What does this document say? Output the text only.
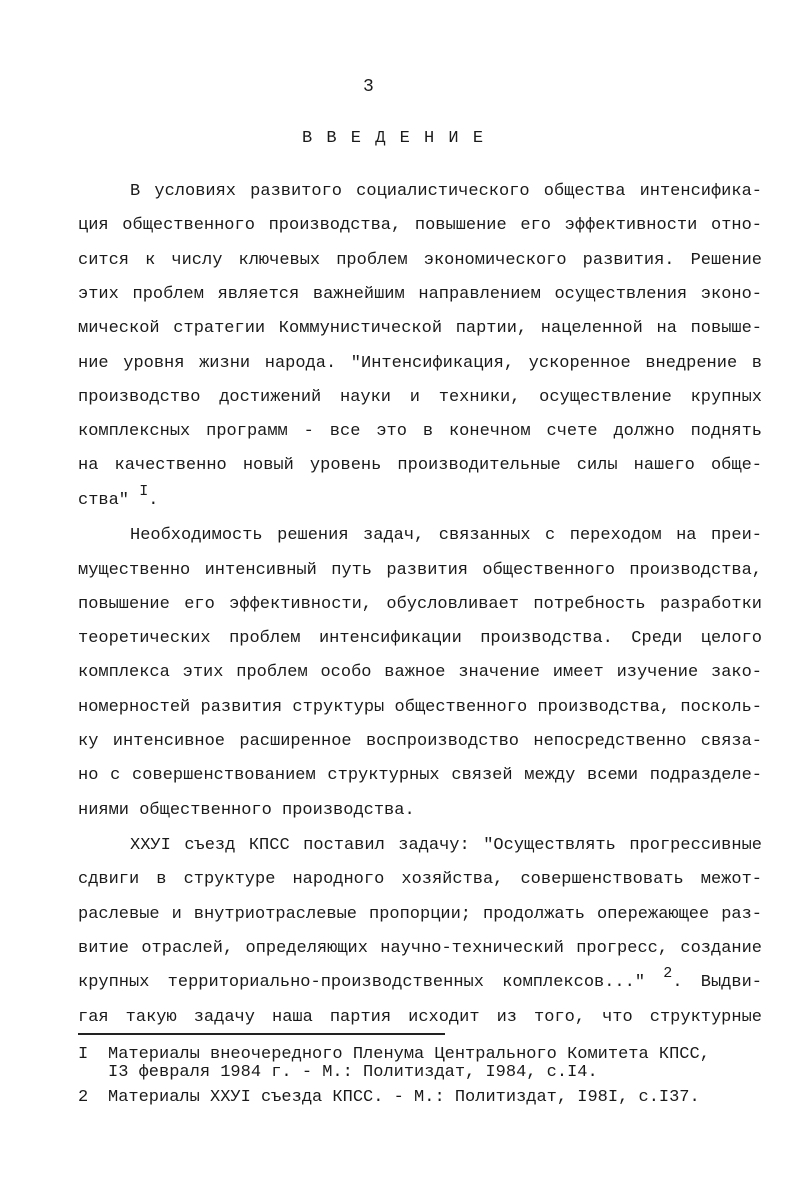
3
В В Е Д Е Н И Е
В условиях развитого социалистического общества интенсифика-
ция общественного производства, повышение его эффективности отно-
сится к числу ключевых проблем экономического развития. Решение
этих проблем является важнейшим направлением осуществления эконо-
мической стратегии Коммунистической партии, нацеленной на повыше-
ние уровня жизни народа. "Интенсификация, ускоренное внедрение в
производство достижений науки и техники, осуществление крупных
комплексных программ - все это в конечном счете должно поднять
на качественно новый уровень производительные силы нашего обще-
ства" I.
Необходимость решения задач, связанных с переходом на преи-
мущественно интенсивный путь развития общественного производства,
повышение его эффективности, обусловливает потребность разработки
теоретических проблем интенсификации производства. Среди целого
комплекса этих проблем особо важное значение имеет изучение зако-
номерностей развития структуры общественного производства, посколь-
ку интенсивное расширенное воспроизводство непосредственно связа-
но с совершенствованием структурных связей между всеми подразделе-
ниями общественного производства.
ХХУI съезд КПСС поставил задачу: "Осуществлять прогрессивные
сдвиги в структуре народного хозяйства, совершенствовать межот-
раслевые и внутриотраслевые пропорции; продолжать опережающее раз-
витие отраслей, определяющих научно-технический прогресс, создание
крупных территориально-производственных комплексов..." 2. Выдви-
гая такую задачу наша партия исходит из того, что структурные
I Материалы внеочередного Пленума Центрального Комитета КПСС,
I3 февраля 1984 г. - М.: Политиздат, I984, с.I4.
2 Материалы ХХУI съезда КПСС. - М.: Политиздат, I98I, с.I37.
